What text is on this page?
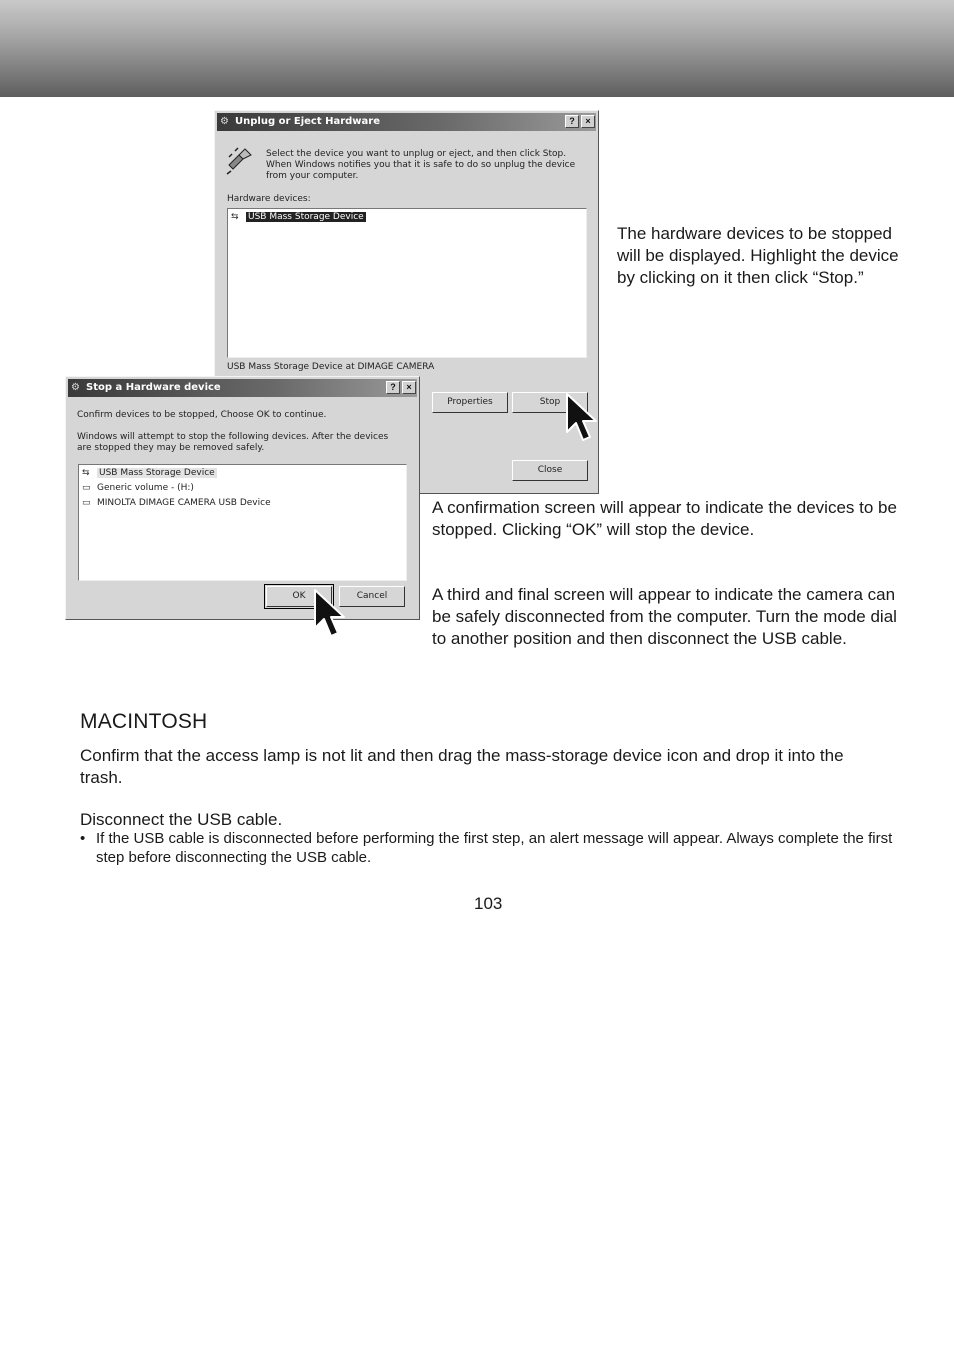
⚙ Unplug or Eject Hardware	?	×
Select the device you want to unplug or eject, and then click Stop. When Windows notifies you that it is safe to do so unplug the device from your computer.
Hardware devices:
⇆ USB Mass Storage Device
USB Mass Storage Device at DIMAGE CAMERA
Properties	Stop
Close
⚙ Stop a Hardware device	?	×
Confirm devices to be stopped, Choose OK to continue.
Windows will attempt to stop the following devices. After the devices are stopped they may be removed safely.
⇆ USB Mass Storage Device
▭ Generic volume - (H:)
▭ MINOLTA DIMAGE CAMERA USB Device
OK	Cancel
The hardware devices to be stopped will be displayed. Highlight the device by clicking on it then click “Stop.”
A confirmation screen will appear to indicate the devices to be stopped. Clicking “OK” will stop the device.
A third and final screen will appear to indicate the camera can be safely disconnected from the computer. Turn the mode dial to another position and then disconnect the USB cable.
MACINTOSH
Confirm that the access lamp is not lit and then drag the mass-storage device icon and drop it into the trash.
Disconnect the USB cable.
• If the USB cable is disconnected before performing the first step, an alert message will appear. Always complete the first step before disconnecting the USB cable.
103
